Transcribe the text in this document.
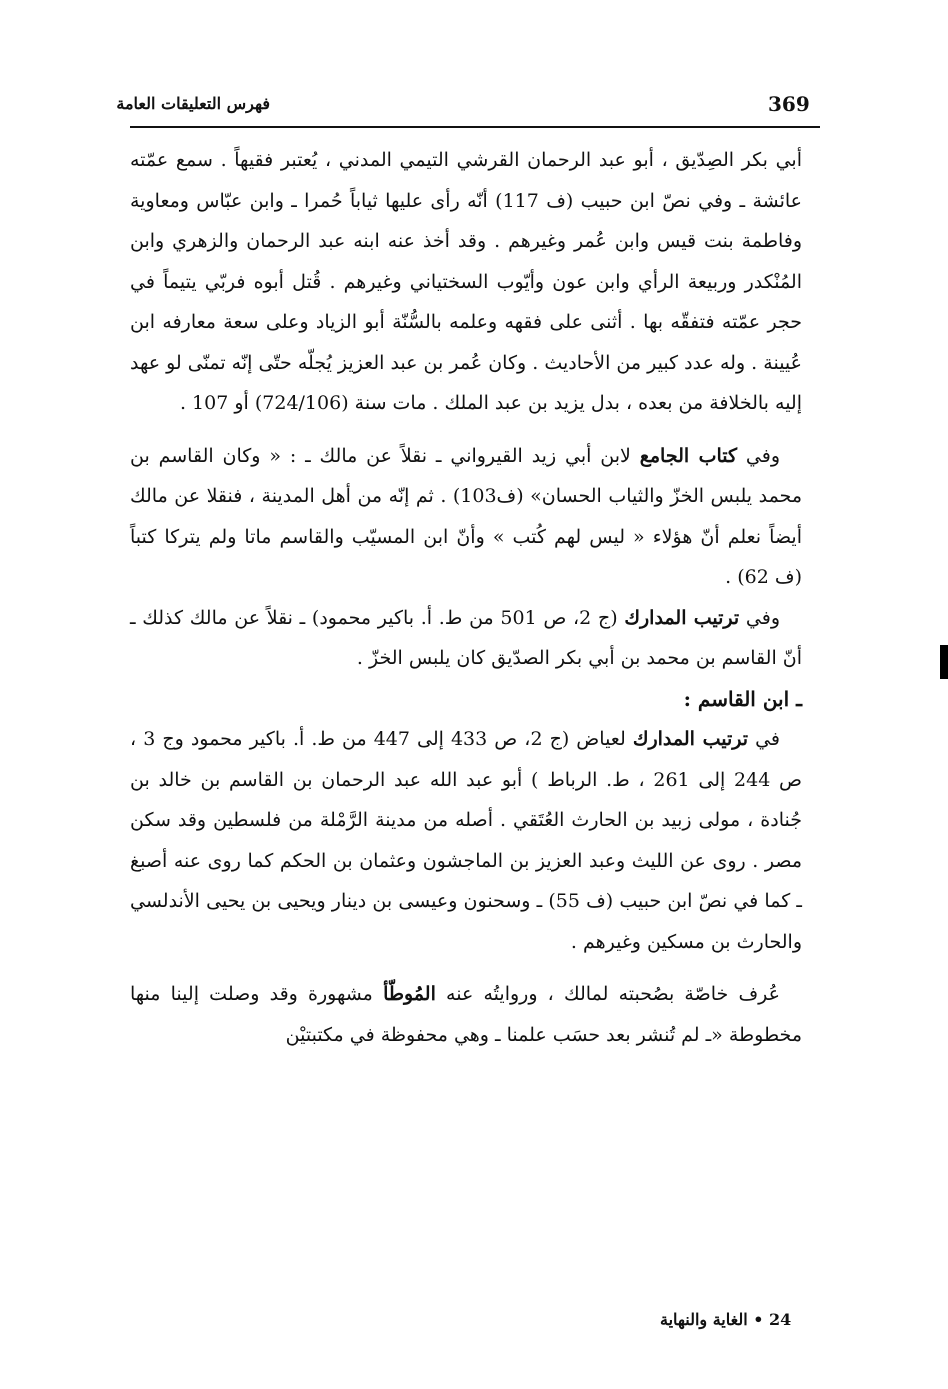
369
فهرس التعليقات العامة

أبي بكر الصِدّيق ، أبو عبد الرحمان القرشي التيمي المدني ، يُعتبر فقيهاً . سمع عمّته عائشة ـ وفي نصّ ابن حبيب (ف 117) أنّه رأى عليها ثياباً حُمرا ـ وابن عبّاس ومعاوية وفاطمة بنت قيس وابن عُمر وغيرهم . وقد أخذ عنه ابنه عبد الرحمان والزهري وابن المُنْكدر وربيعة الرأي وابن عون وأيّوب السختياني وغيرهم . قُتل أبوه فربّي يتيماً في حجر عمّته فتفقّه بها . أثنى على فقهه وعلمه بالسُّنّة أبو الزياد وعلى سعة معارفه ابن عُيينة . وله عدد كبير من الأحاديث . وكان عُمر بن عبد العزيز يُجلّه حتّى إنّه تمنّى لو عهد إليه بالخلافة من بعده ، بدل يزيد بن عبد الملك . مات سنة (724/106) أو 107 .

وفي كتاب الجامع لابن أبي زيد القيرواني ـ نقلاً عن مالك ـ : « وكان القاسم بن محمد يلبس الخزّ والثياب الحسان» (ف103) . ثم إنّه من أهل المدينة ، فنقلا عن مالك أيضاً نعلم أنّ هؤلاء « ليس لهم كُتب » وأنّ ابن المسيّب والقاسم ماتا ولم يتركا كتباً (ف 62) .

وفي ترتيب المدارك (ج 2، ص 501 من ط. أ. باكير محمود) ـ نقلاً عن مالك كذلك ـ أنّ القاسم بن محمد بن أبي بكر الصدّيق كان يلبس الخزّ .

ـ ابن القاسم :

في ترتيب المدارك لعياض (ج 2، ص 433 إلى 447 من ط. أ. باكير محمود وج 3 ، ص 244 إلى 261 ، ط. الرباط ) أبو عبد الله عبد الرحمان بن القاسم بن خالد بن جُنادة ، مولى زبيد بن الحارث العُتَقي . أصله من مدينة الرَّمْلة من فلسطين وقد سكن مصر . روى عن الليث وعبد العزيز بن الماجشون وعثمان بن الحكم كما روى عنه أصبغ ـ كما في نصّ ابن حبيب (ف 55) ـ وسحنون وعيسى بن دينار ويحيى بن يحيى الأندلسي والحارث بن مسكين وغيرهم .

عُرف خاصّة بصُحبته لمالك ، وروايتُه عنه المُوطّأ مشهورة وقد وصلت إلينا منها مخطوطة «ـ لم تُنشر بعد حسَب علمنا ـ وهي محفوظة في مكتبتيْن

24 • الغاية والنهاية
